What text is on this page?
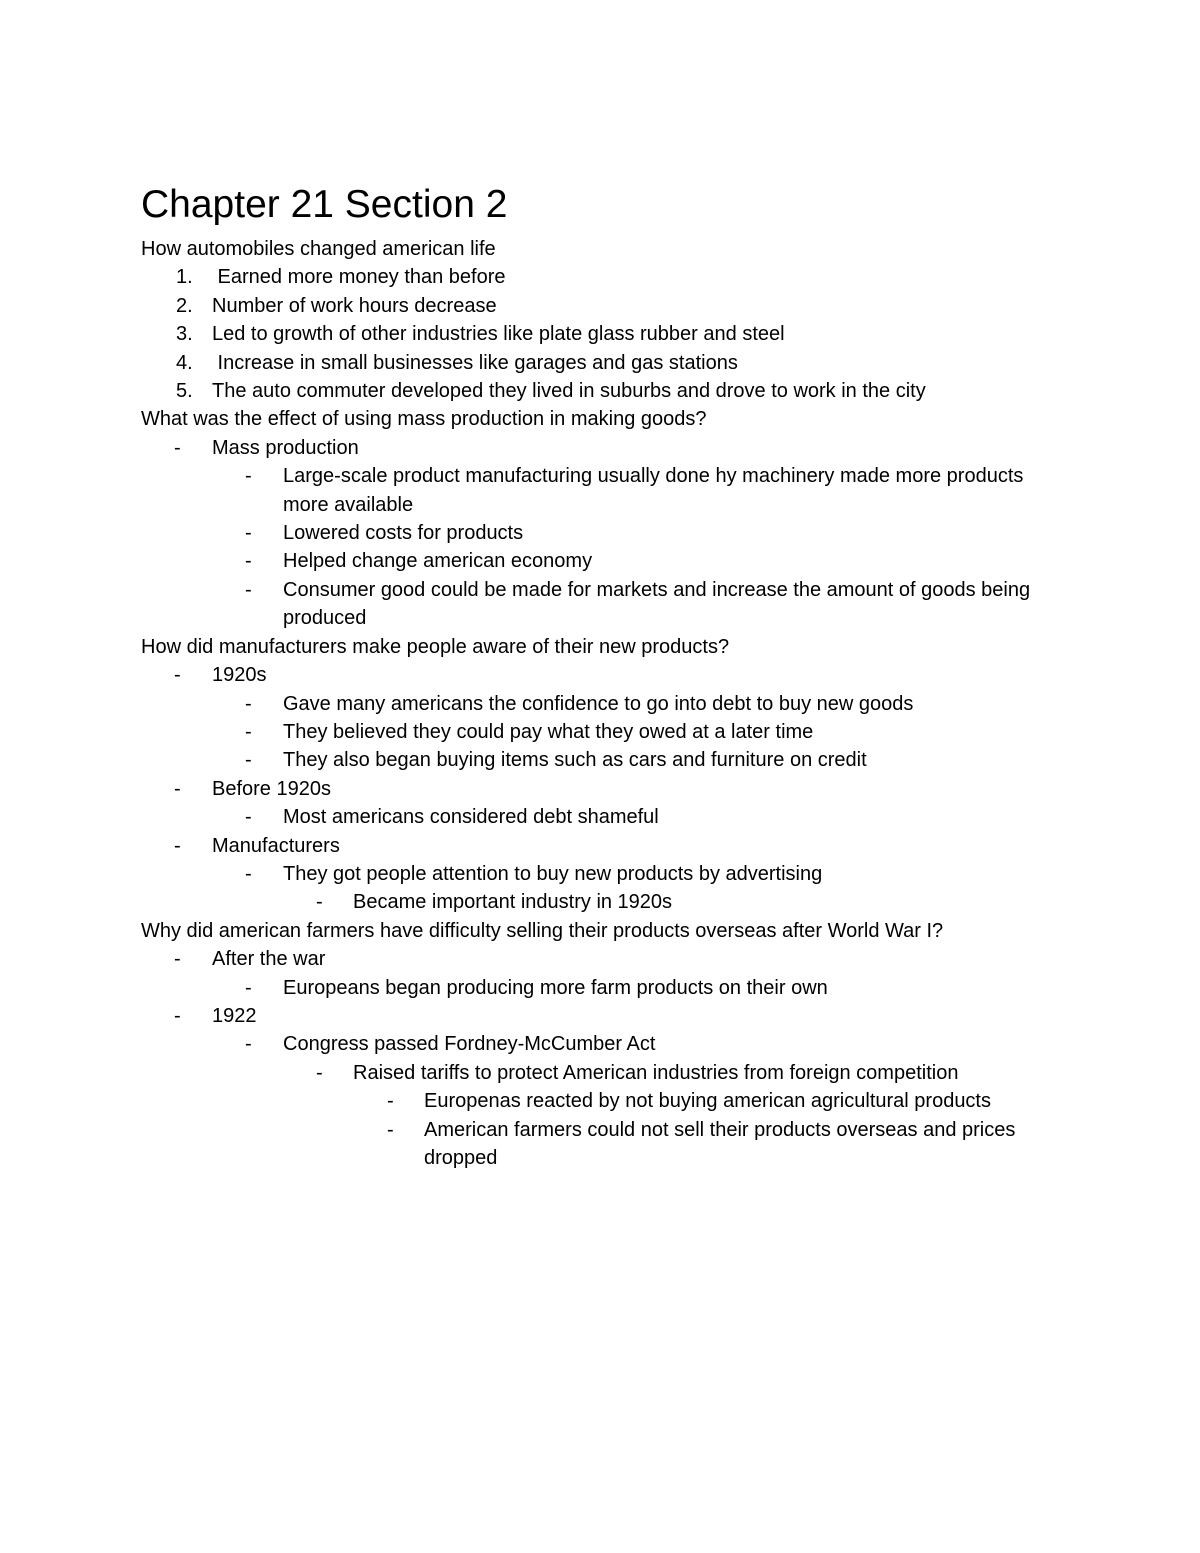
Chapter 21 Section 2
How automobiles changed american life
1. Earned more money than before
2. Number of work hours decrease
3. Led to growth of other industries like plate glass rubber and steel
4. Increase in small businesses like garages and gas stations
5. The auto commuter developed they lived in suburbs and drove to work in the city
What was the effect of using mass production in making goods?
- Mass production
- Large-scale product manufacturing usually done hy machinery made more products more available
- Lowered costs for products
- Helped change american economy
- Consumer good could be made for markets and increase the amount of goods being produced
How did manufacturers make people aware of their new products?
- 1920s
- Gave many americans the confidence to go into debt to buy new goods
- They believed they could pay what they owed at a later time
- They also began buying items such as cars and furniture on credit
- Before 1920s
- Most americans considered debt shameful
- Manufacturers
- They got people attention to buy new products by advertising
- Became important industry in 1920s
Why did american farmers have difficulty selling their products overseas after World War I?
- After the war
- Europeans began producing more farm products on their own
- 1922
- Congress passed Fordney-McCumber Act
- Raised tariffs to protect American industries from foreign competition
- Europenas reacted by not buying american agricultural products
- American farmers could not sell their products overseas and prices dropped
